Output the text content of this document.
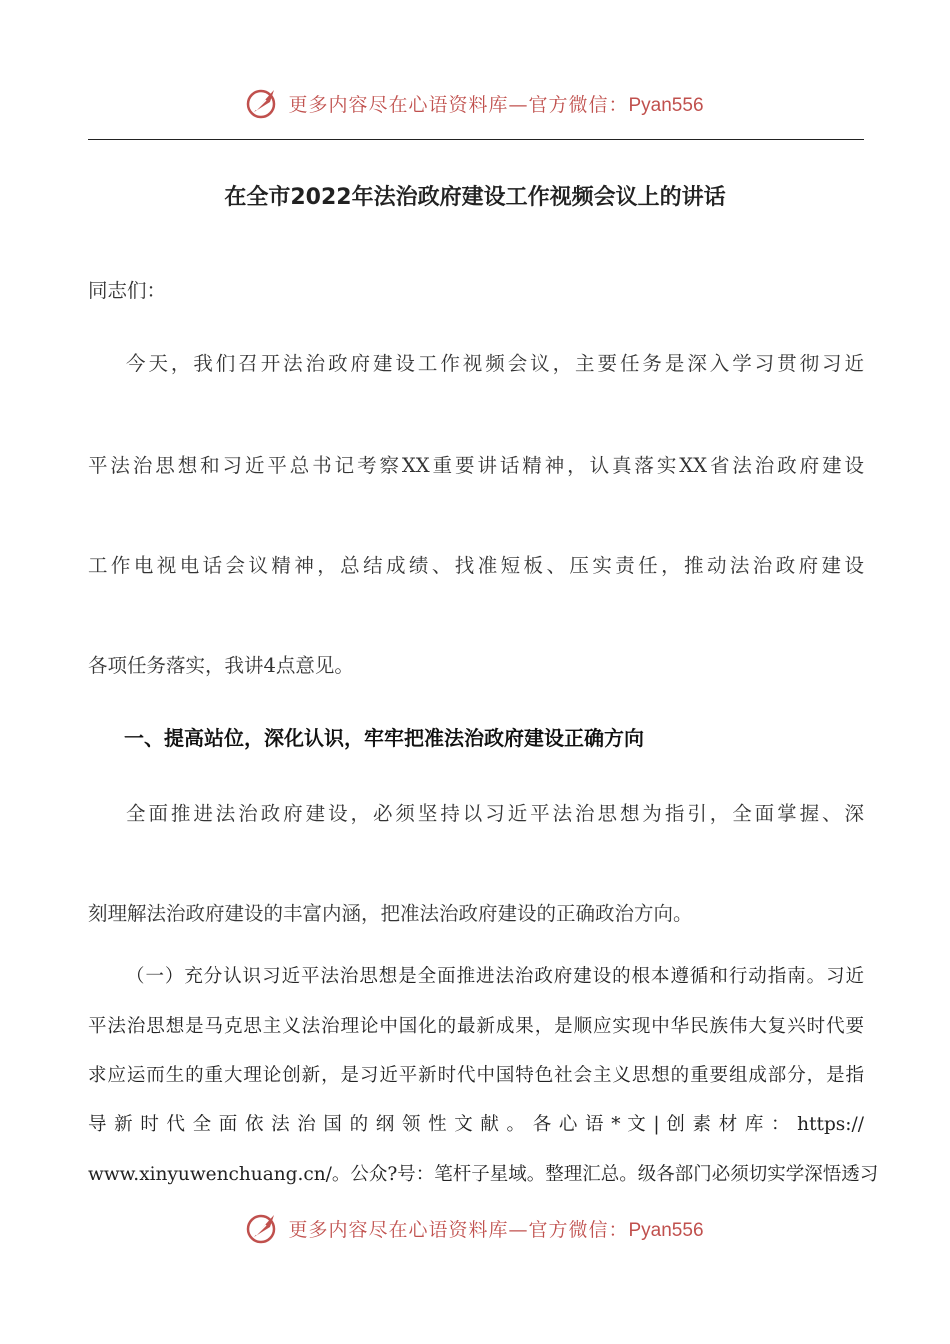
更多内容尽在心语资料库—官方微信：Pyan556
在全市2022年法治政府建设工作视频会议上的讲话
同志们：
今天，我们召开法治政府建设工作视频会议，主要任务是深入学习贯彻习近
平法治思想和习近平总书记考察XX重要讲话精神，认真落实XX省法治政府建设
工作电视电话会议精神，总结成绩、找准短板、压实责任，推动法治政府建设
各项任务落实，我讲4点意见。
一、提高站位，深化认识，牢牢把准法治政府建设正确方向
全面推进法治政府建设，必须坚持以习近平法治思想为指引，全面掌握、深
刻理解法治政府建设的丰富内涵，把准法治政府建设的正确政治方向。
（一）充分认识习近平法治思想是全面推进法治政府建设的根本遵循和行动指南。习近
平法治思想是马克思主义法治理论中国化的最新成果，是顺应实现中华民族伟大复兴时代要
求应运而生的重大理论创新，是习近平新时代中国特色社会主义思想的重要组成部分，是指
导 新 时 代 全 面 依 法 治 国 的 纲 领 性 文 献 。 各 心 语 * 文 | 创 素 材 库 ： https://
www.xinyuwenchuang.cn/。公众?号：笔杆子星域。整理汇总。级各部门必须切实学深悟透习
更多内容尽在心语资料库—官方微信：Pyan556
